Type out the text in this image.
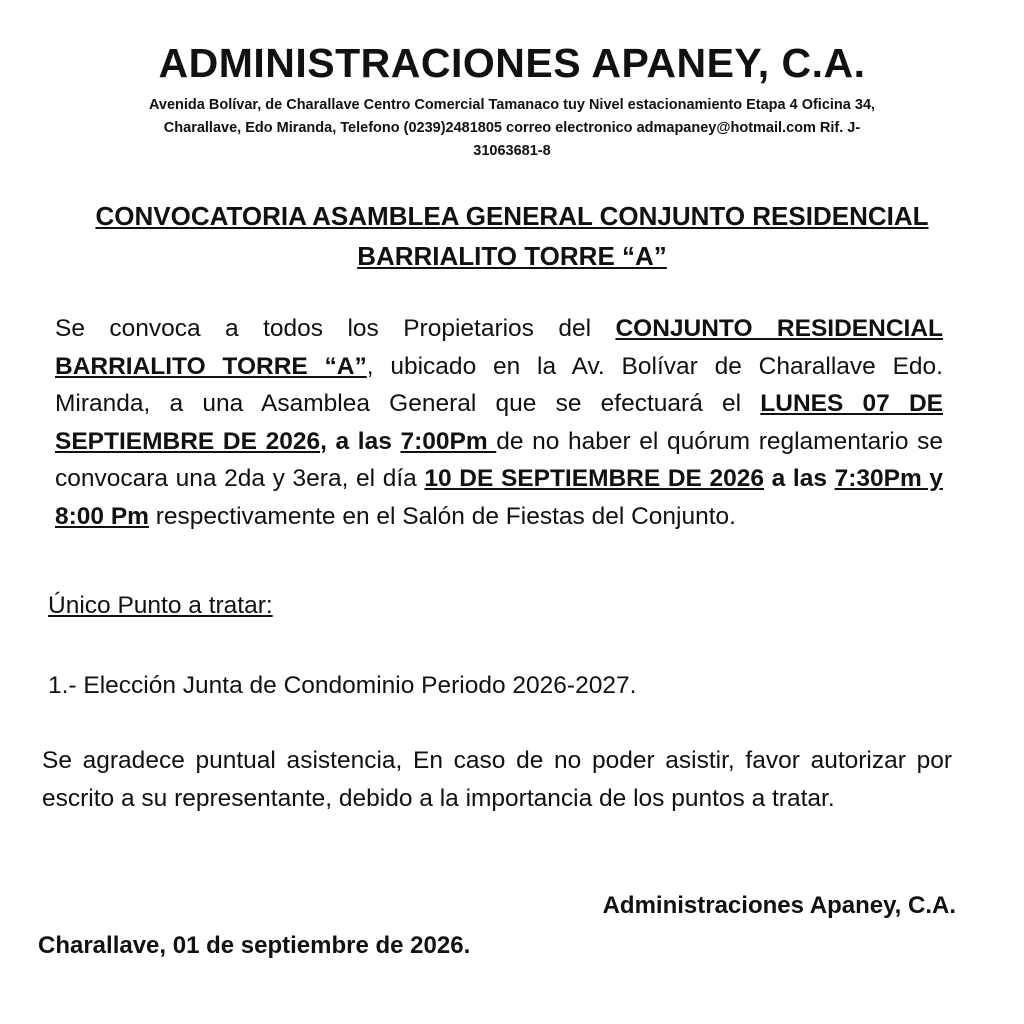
ADMINISTRACIONES APANEY, C.A.
Avenida Bolívar, de Charallave Centro Comercial Tamanaco tuy Nivel estacionamiento Etapa 4 Oficina 34,
Charallave, Edo Miranda, Telefono (0239)2481805 correo electronico admapaney@hotmail.com Rif. J-
31063681-8
CONVOCATORIA ASAMBLEA GENERAL CONJUNTO RESIDENCIAL
BARRIALITO TORRE “A”
Se convoca a todos los Propietarios del CONJUNTO RESIDENCIAL BARRIALITO TORRE “A”, ubicado en la Av. Bolívar de Charallave Edo. Miranda, a una Asamblea General que se efectuará el LUNES 07 DE SEPTIEMBRE DE 2026, a las 7:00Pm de no haber el quórum reglamentario se convocara una 2da y 3era, el día 10 DE SEPTIEMBRE DE 2026 a las 7:30Pm y 8:00 Pm respectivamente en el Salón de Fiestas del Conjunto.
Único Punto a tratar:
1.- Elección Junta de Condominio Periodo 2026-2027.
Se agradece puntual asistencia, En caso de no poder asistir, favor autorizar por escrito a su representante, debido a la importancia de los puntos a tratar.
Administraciones Apaney, C.A.
Charallave, 01 de septiembre de 2026.
